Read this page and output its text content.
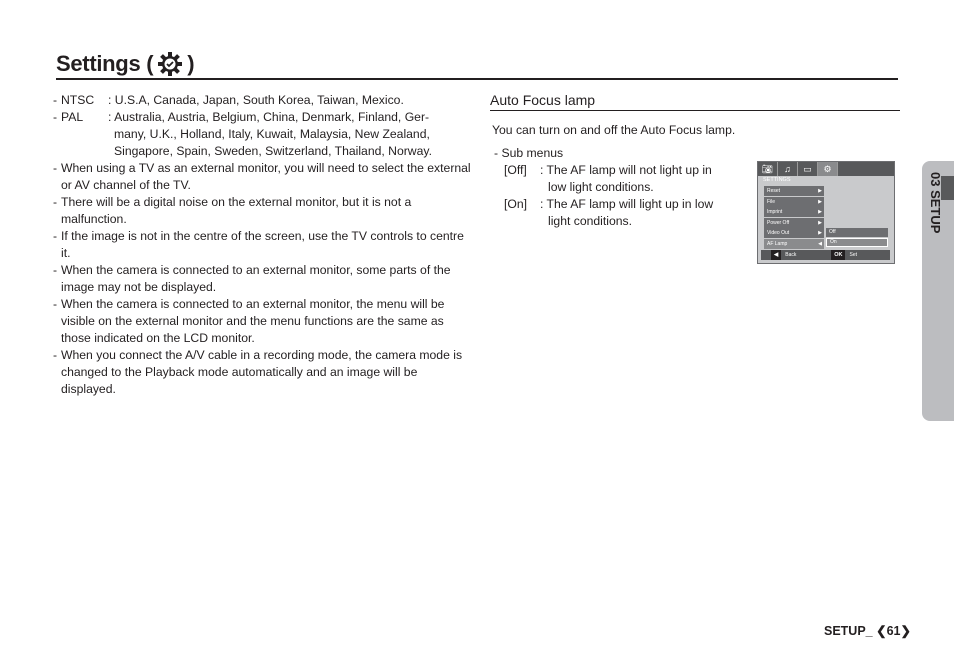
Settings ( )
- NTSC	: U.S.A, Canada, Japan, South Korea, Taiwan, Mexico.
- PAL	: Australia, Austria, Belgium, China, Denmark, Finland, Ger-
many, U.K., Holland, Italy, Kuwait, Malaysia, New Zealand,
Singapore, Spain, Sweden, Switzerland, Thailand, Norway.
- When using a TV as an external monitor, you will need to select the external or AV channel of the TV.
- There will be a digital noise on the external monitor, but it is not a malfunction.
- If the image is not in the centre of the screen, use the TV controls to centre it.
- When the camera is connected to an external monitor, some parts of the image may not be displayed.
- When the camera is connected to an external monitor, the menu will be visible on the external monitor and the menu functions are the same as those indicated on the LCD monitor.
- When you connect the A/V cable in a recording mode, the camera mode is changed to the Playback mode automatically and an image will be displayed.
Auto Focus lamp
You can turn on and off the Auto Focus lamp.
- Sub menus
[Off]	: The AF lamp will not light up in
low light conditions.
[On]	: The AF lamp will light up in low
light conditions.
📷︎	♫	▭	⚙
SETTINGS
Reset	▶
File	▶
Imprint	▶
Power Off	▶
Video Out	▶
AF Lamp	◀
Off
On
◀	Back	OK	Set
03 SETUP
SETUP_ ❮61❯
